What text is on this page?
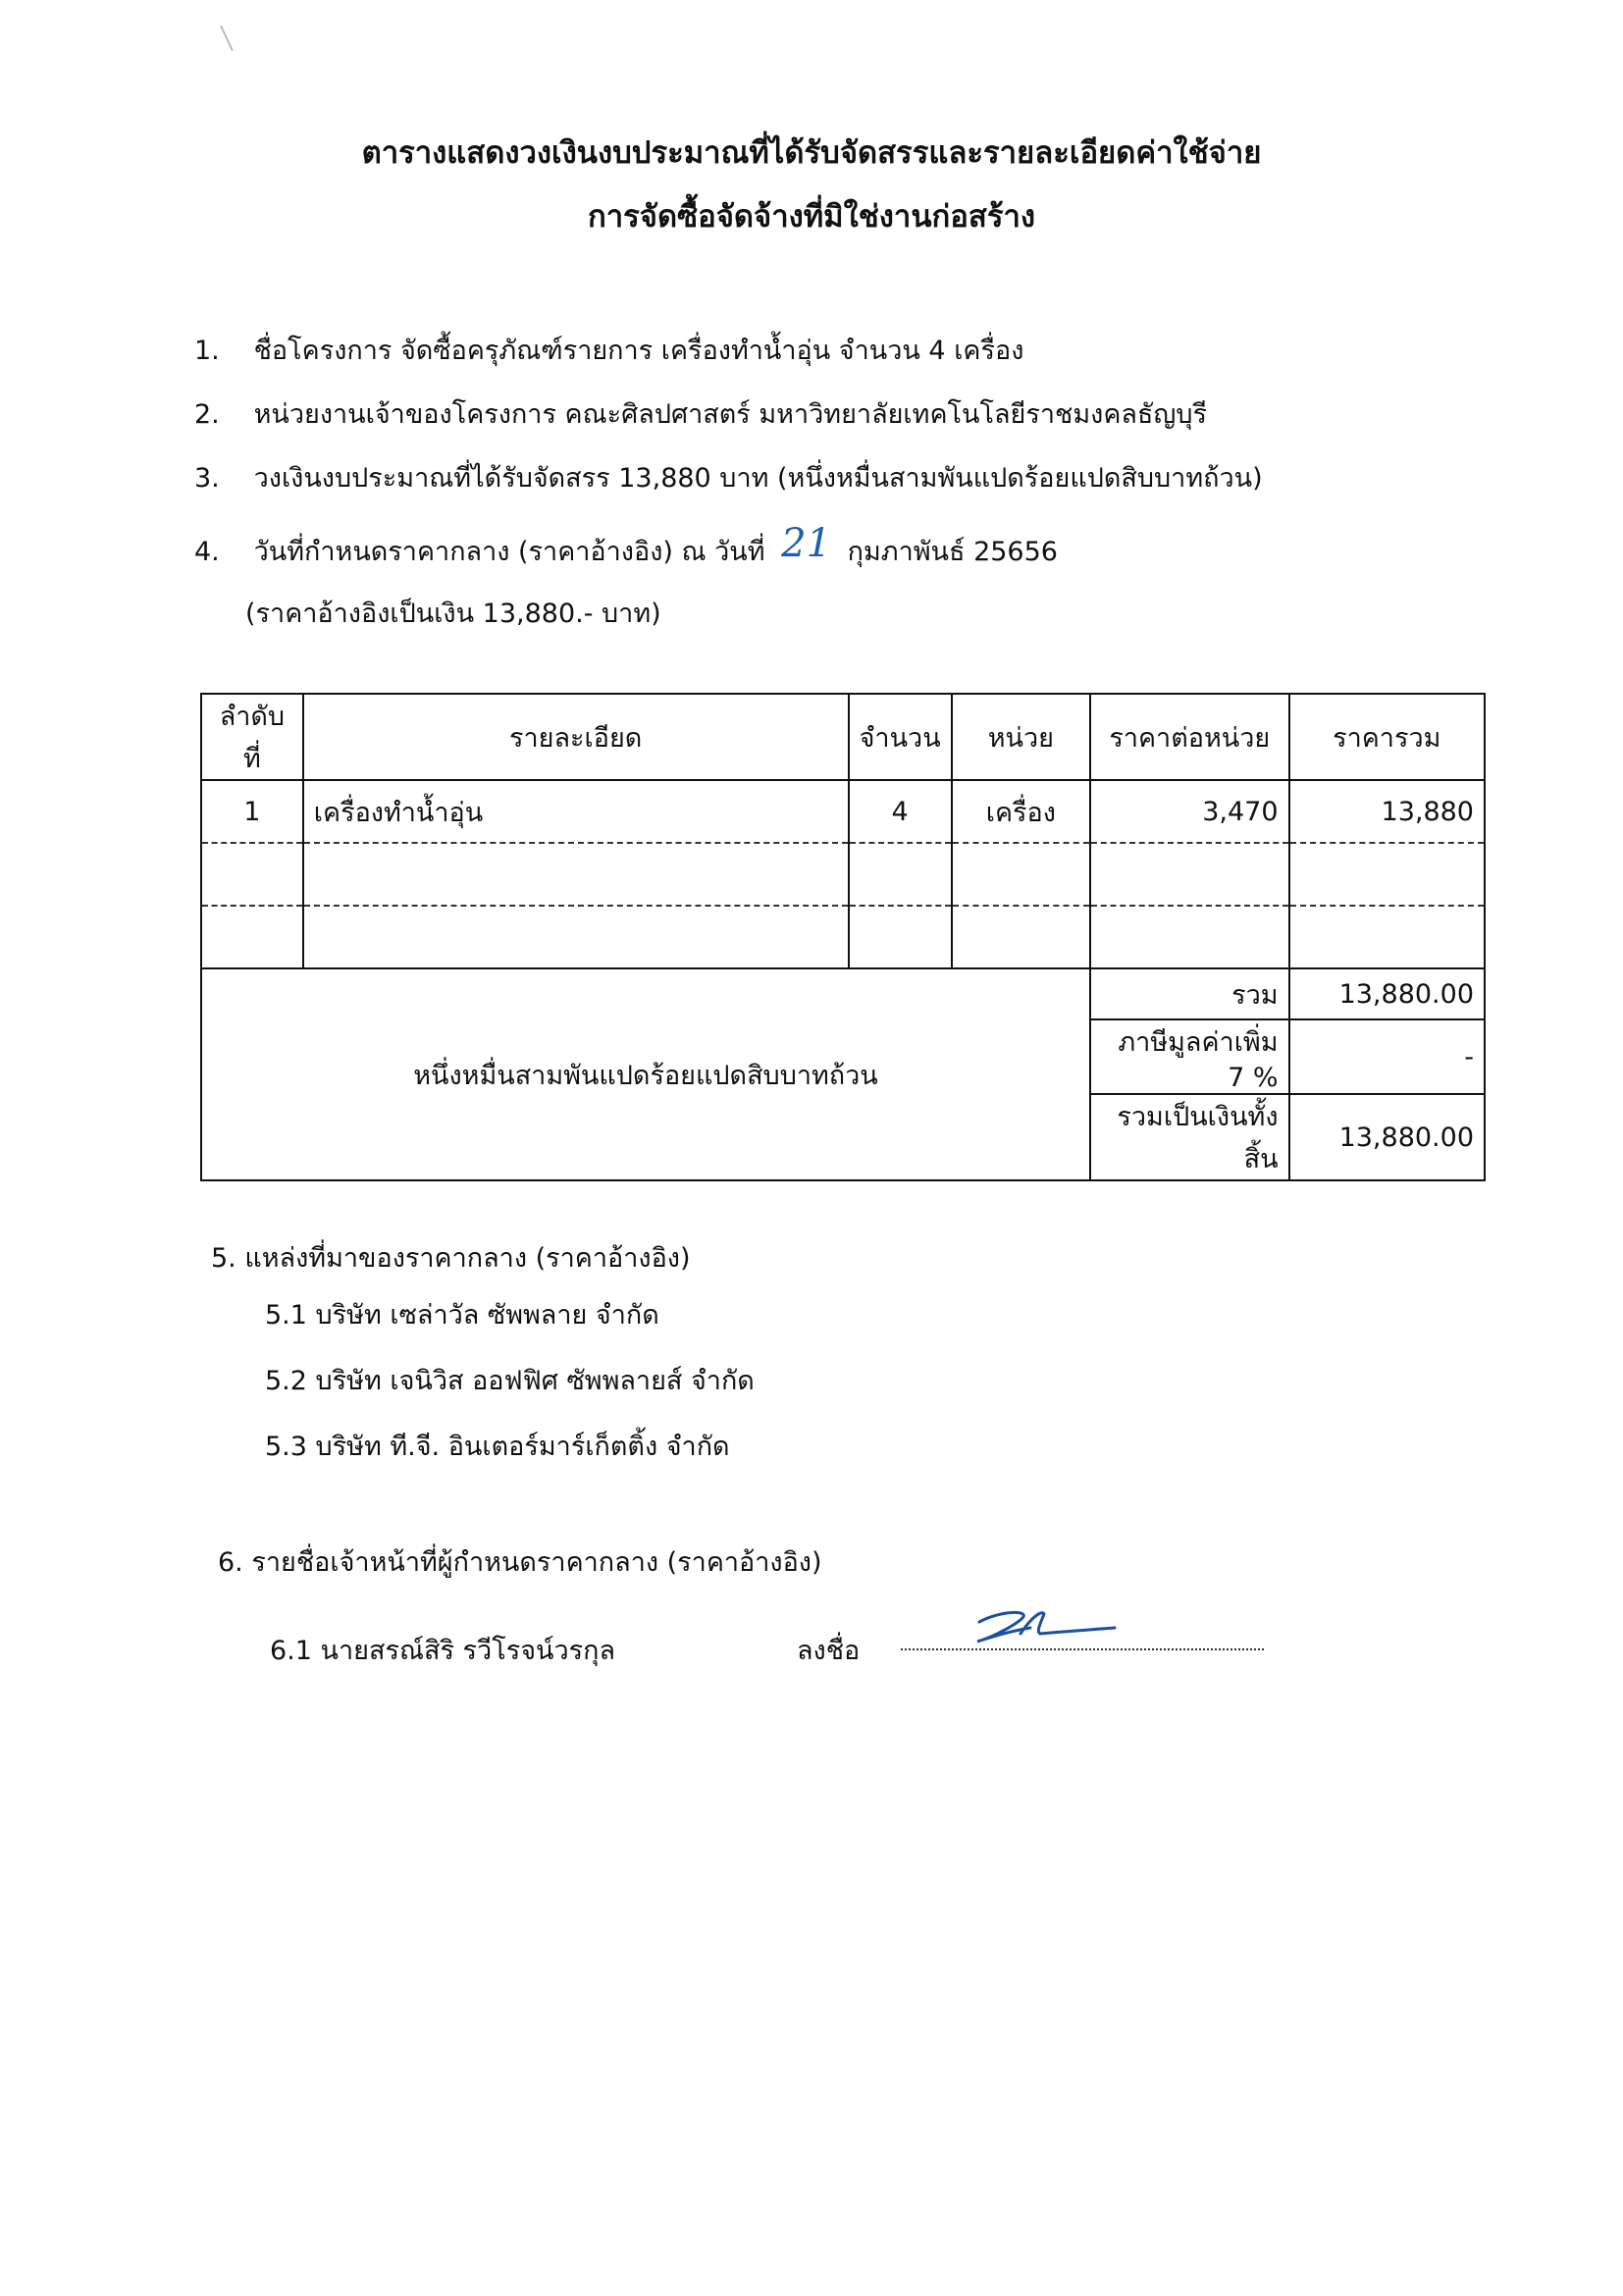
ตารางแสดงวงเงินงบประมาณที่ได้รับจัดสรรและรายละเอียดค่าใช้จ่าย
การจัดซื้อจัดจ้างที่มิใช่งานก่อสร้าง
1. ชื่อโครงการ จัดซื้อครุภัณฑ์รายการ เครื่องทำน้ำอุ่น จำนวน 4 เครื่อง
2. หน่วยงานเจ้าของโครงการ คณะศิลปศาสตร์ มหาวิทยาลัยเทคโนโลยีราชมงคลธัญบุรี
3. วงเงินงบประมาณที่ได้รับจัดสรร 13,880 บาท (หนึ่งหมื่นสามพันแปดร้อยแปดสิบบาทถ้วน)
4. วันที่กำหนดราคากลาง (ราคาอ้างอิง) ณ วันที่ 21 กุมภาพันธ์ 25656
(ราคาอ้างอิงเป็นเงิน 13,880.- บาท)
ลำดับที่	รายละเอียด	จำนวน	หน่วย	ราคาต่อหน่วย	ราคารวม
1	เครื่องทำน้ำอุ่น	4	เครื่อง	3,470	13,880

หนึ่งหมื่นสามพันแปดร้อยแปดสิบบาทถ้วน				รวม	13,880.00
				ภาษีมูลค่าเพิ่ม 7 %	-
				รวมเป็นเงินทั้งสิ้น	13,880.00
5. แหล่งที่มาของราคากลาง (ราคาอ้างอิง)
5.1 บริษัท เซล่าวัล ซัพพลาย จำกัด
5.2 บริษัท เจนิวิส ออฟฟิศ ซัพพลายส์ จำกัด
5.3 บริษัท ที.จี. อินเตอร์มาร์เก็ตติ้ง จำกัด
6. รายชื่อเจ้าหน้าที่ผู้กำหนดราคากลาง (ราคาอ้างอิง)
6.1 นายสรณ์สิริ รวีโรจน์วรกุล	ลงชื่อ
